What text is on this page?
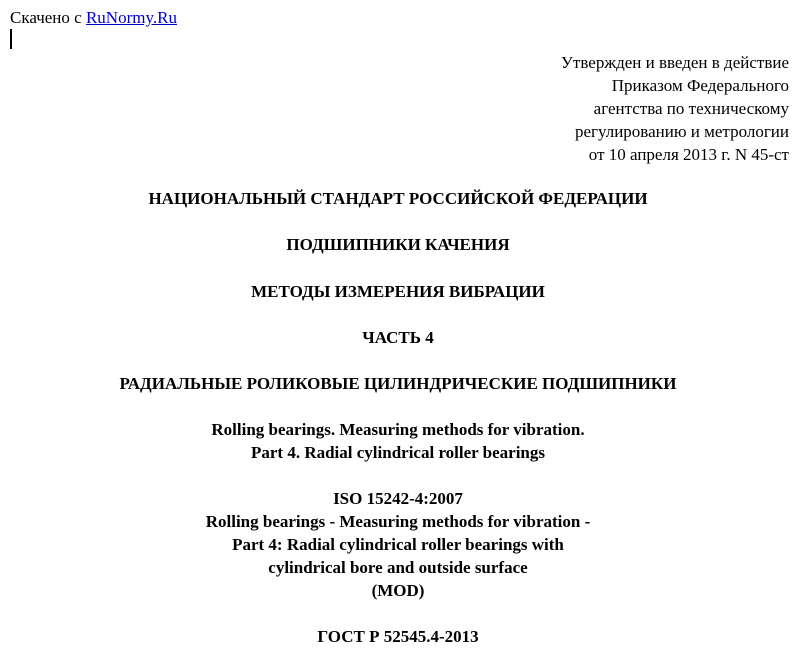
Скачено с RuNormy.Ru
Утвержден и введен в действие
Приказом Федерального
агентства по техническому
регулированию и метрологии
от 10 апреля 2013 г. N 45-ст
НАЦИОНАЛЬНЫЙ СТАНДАРТ РОССИЙСКОЙ ФЕДЕРАЦИИ
ПОДШИПНИКИ КАЧЕНИЯ
МЕТОДЫ ИЗМЕРЕНИЯ ВИБРАЦИИ
ЧАСТЬ 4
РАДИАЛЬНЫЕ РОЛИКОВЫЕ ЦИЛИНДРИЧЕСКИЕ ПОДШИПНИКИ
Rolling bearings. Measuring methods for vibration.
Part 4. Radial cylindrical roller bearings
ISO 15242-4:2007
Rolling bearings - Measuring methods for vibration -
Part 4: Radial cylindrical roller bearings with
cylindrical bore and outside surface
(MOD)
ГОСТ Р 52545.4-2013
